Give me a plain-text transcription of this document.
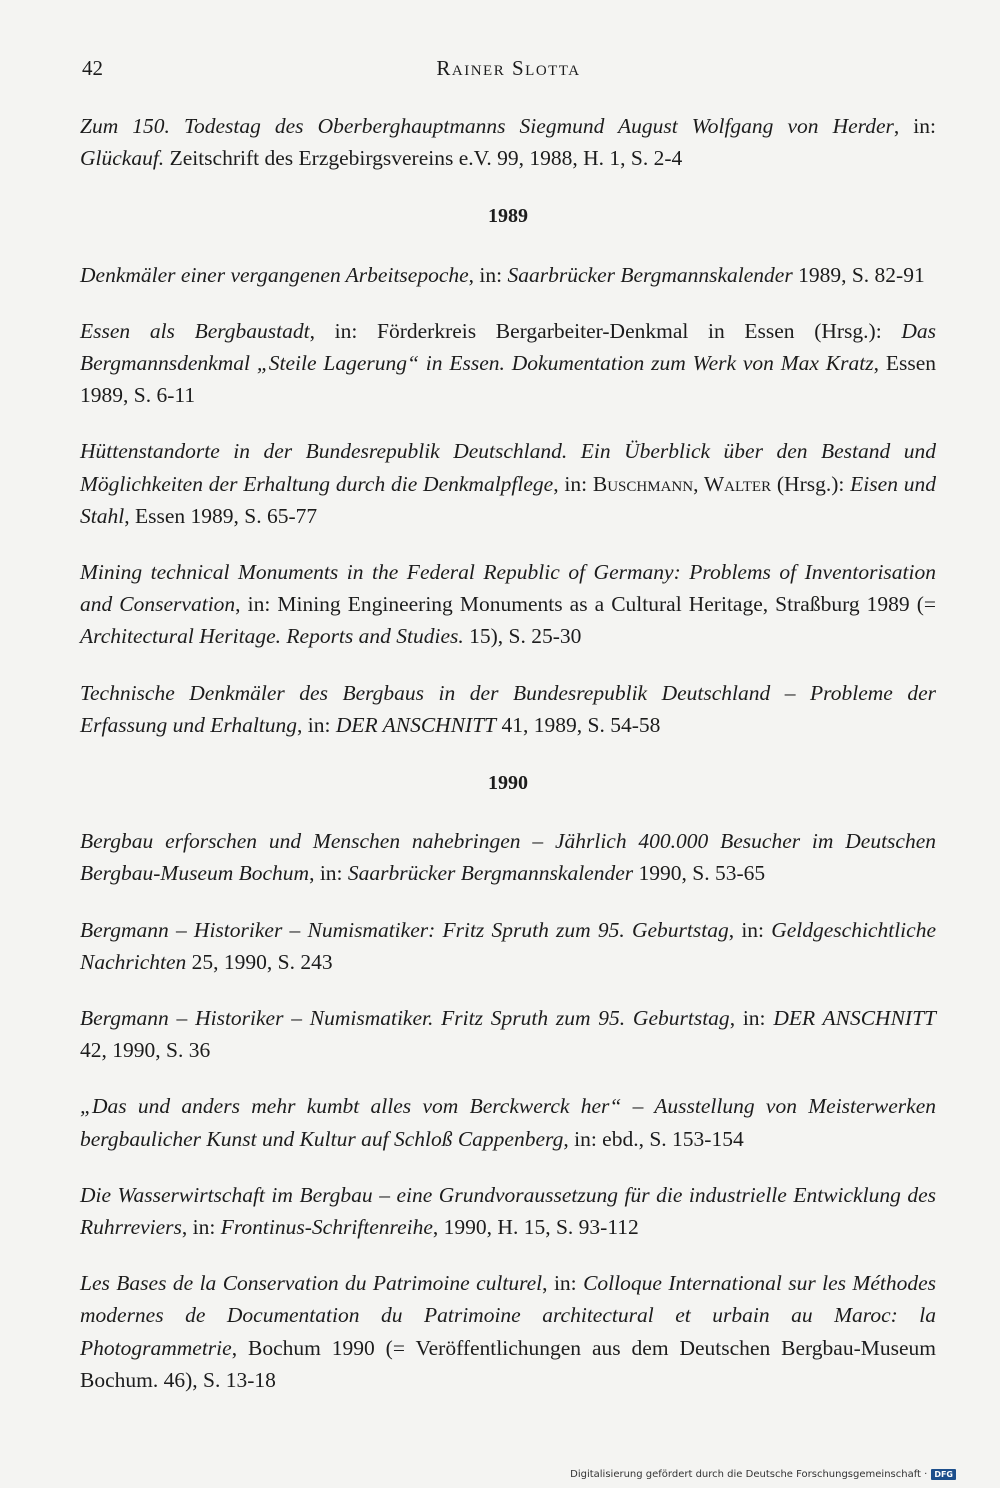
42	Rainer Slotta

Zum 150. Todestag des Oberberghauptmanns Siegmund August Wolfgang von Herder, in: Glückauf. Zeitschrift des Erzgebirgsvereins e.V. 99, 1988, H. 1, S. 2-4

1989

Denkmäler einer vergangenen Arbeitsepoche, in: Saarbrücker Bergmannskalender 1989, S. 82-91

Essen als Bergbaustadt, in: Förderkreis Bergarbeiter-Denkmal in Essen (Hrsg.): Das Bergmannsdenkmal „Steile Lagerung“ in Essen. Dokumentation zum Werk von Max Kratz, Essen 1989, S. 6-11

Hüttenstandorte in der Bundesrepublik Deutschland. Ein Überblick über den Bestand und Möglichkeiten der Erhaltung durch die Denkmalpflege, in: Buschmann, Walter (Hrsg.): Eisen und Stahl, Essen 1989, S. 65-77

Mining technical Monuments in the Federal Republic of Germany: Problems of Inventorisation and Conservation, in: Mining Engineering Monuments as a Cultural Heritage, Straßburg 1989 (= Architectural Heritage. Reports and Studies. 15), S. 25-30

Technische Denkmäler des Bergbaus in der Bundesrepublik Deutschland – Probleme der Erfassung und Erhaltung, in: DER ANSCHNITT 41, 1989, S. 54-58

1990

Bergbau erforschen und Menschen nahebringen – Jährlich 400.000 Besucher im Deutschen Bergbau-Museum Bochum, in: Saarbrücker Bergmannskalender 1990, S. 53-65

Bergmann – Historiker – Numismatiker: Fritz Spruth zum 95. Geburtstag, in: Geldgeschichtliche Nachrichten 25, 1990, S. 243

Bergmann – Historiker – Numismatiker. Fritz Spruth zum 95. Geburtstag, in: DER ANSCHNITT 42, 1990, S. 36

„Das und anders mehr kumbt alles vom Berckwerck her“ – Ausstellung von Meisterwerken bergbaulicher Kunst und Kultur auf Schloß Cappenberg, in: ebd., S. 153-154

Die Wasserwirtschaft im Bergbau – eine Grundvoraussetzung für die industrielle Entwicklung des Ruhrreviers, in: Frontinus-Schriftenreihe, 1990, H. 15, S. 93-112

Les Bases de la Conservation du Patrimoine culturel, in: Colloque International sur les Méthodes modernes de Documentation du Patrimoine architectural et urbain au Maroc: la Photogrammetrie, Bochum 1990 (= Veröffentlichungen aus dem Deutschen Bergbau-Museum Bochum. 46), S. 13-18

Digitalisierung gefördert durch die Deutsche Forschungsgemeinschaft · DFG
